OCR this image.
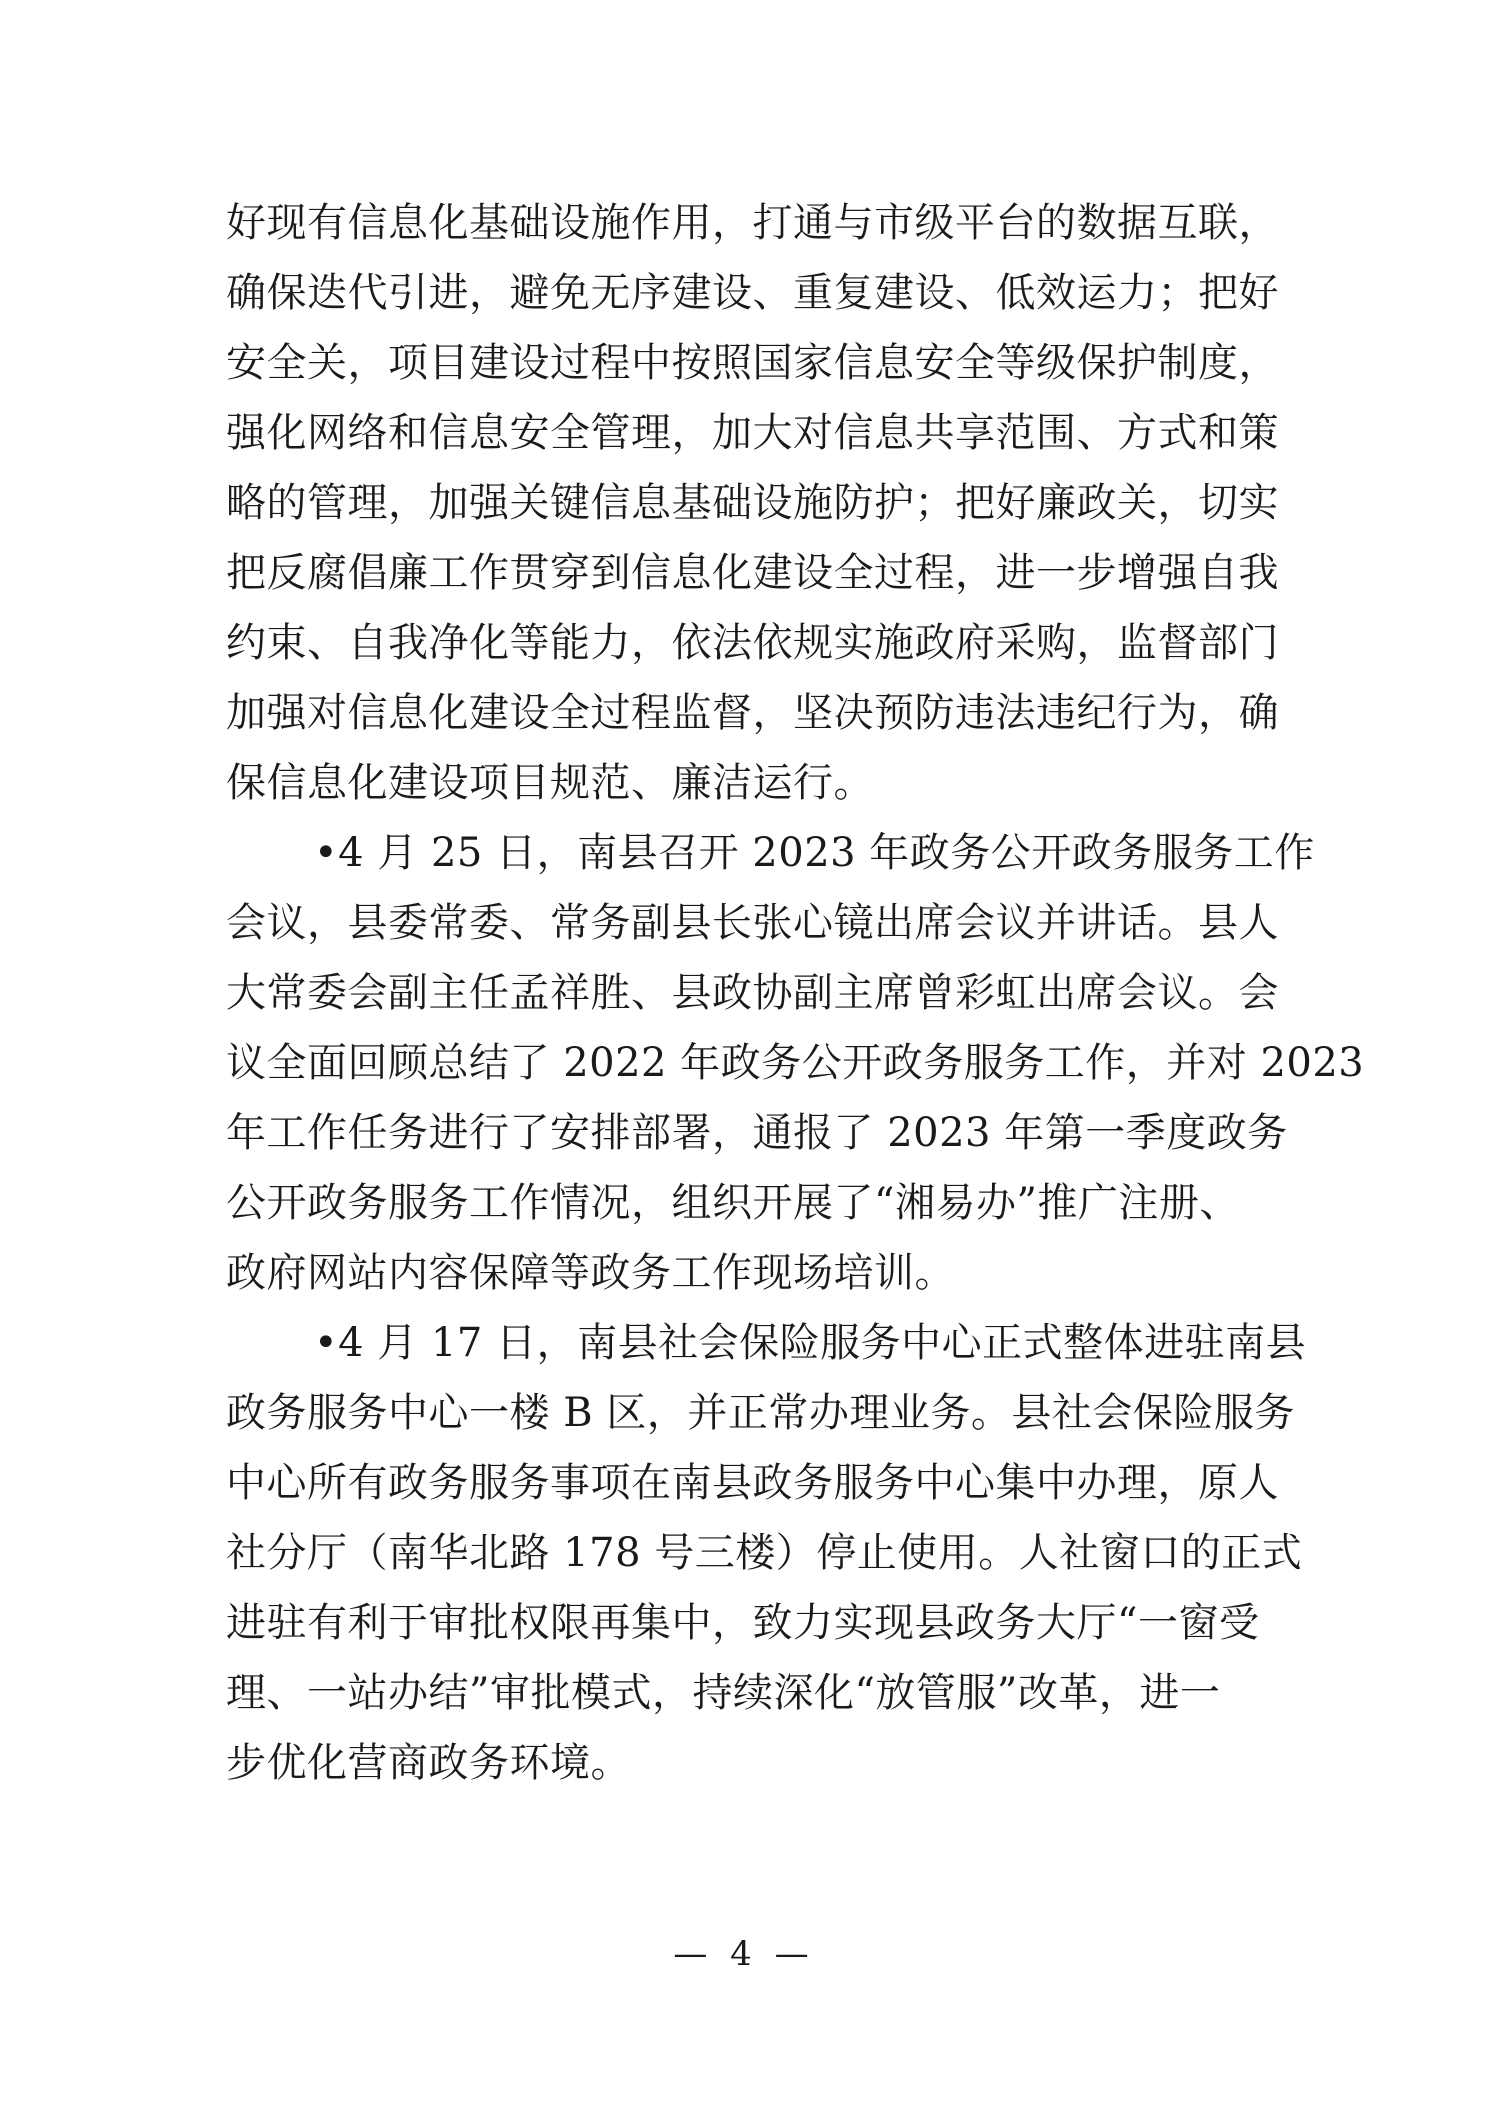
好现有信息化基础设施作用，打通与市级平台的数据互联，
确保迭代引进，避免无序建设、重复建设、低效运力；把好
安全关，项目建设过程中按照国家信息安全等级保护制度，
强化网络和信息安全管理，加大对信息共享范围、方式和策
略的管理，加强关键信息基础设施防护；把好廉政关，切实
把反腐倡廉工作贯穿到信息化建设全过程，进一步增强自我
约束、自我净化等能力，依法依规实施政府采购，监督部门
加强对信息化建设全过程监督，坚决预防违法违纪行为，确
保信息化建设项目规范、廉洁运行。
•4 月 25 日，南县召开 2023 年政务公开政务服务工作
会议，县委常委、常务副县长张心镜出席会议并讲话。县人
大常委会副主任孟祥胜、县政协副主席曾彩虹出席会议。会
议全面回顾总结了 2022 年政务公开政务服务工作，并对 2023
年工作任务进行了安排部署，通报了 2023 年第一季度政务
公开政务服务工作情况，组织开展了“湘易办”推广注册、
政府网站内容保障等政务工作现场培训。
•4 月 17 日，南县社会保险服务中心正式整体进驻南县
政务服务中心一楼 B 区，并正常办理业务。县社会保险服务
中心所有政务服务事项在南县政务服务中心集中办理，原人
社分厅（南华北路 178 号三楼）停止使用。人社窗口的正式
进驻有利于审批权限再集中，致力实现县政务大厅“一窗受
理、一站办结”审批模式，持续深化“放管服”改革，进一
步优化营商政务环境。
— 4 —
